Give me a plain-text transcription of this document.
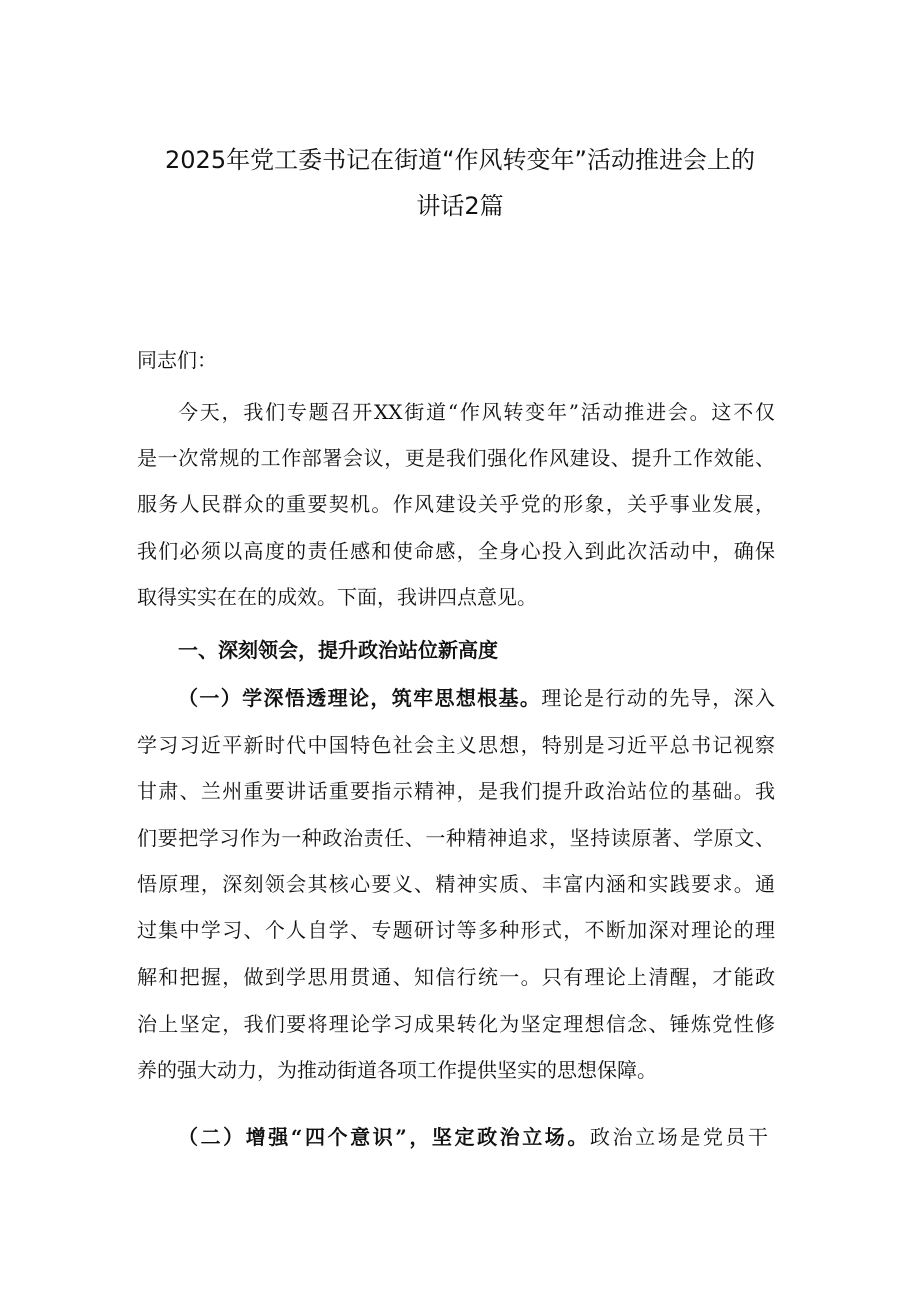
2025年党工委书记在街道“作风转变年”活动推进会上的
讲话2篇
同志们：
今天，我们专题召开XX街道“作风转变年”活动推进会。这不仅
是一次常规的工作部署会议，更是我们强化作风建设、提升工作效能、
服务人民群众的重要契机。作风建设关乎党的形象，关乎事业发展，
我们必须以高度的责任感和使命感，全身心投入到此次活动中，确保
取得实实在在的成效。下面，我讲四点意见。
一、深刻领会，提升政治站位新高度
（一）学深悟透理论，筑牢思想根基。理论是行动的先导，深入
学习习近平新时代中国特色社会主义思想，特别是习近平总书记视察
甘肃、兰州重要讲话重要指示精神，是我们提升政治站位的基础。我
们要把学习作为一种政治责任、一种精神追求，坚持读原著、学原文、
悟原理，深刻领会其核心要义、精神实质、丰富内涵和实践要求。通
过集中学习、个人自学、专题研讨等多种形式，不断加深对理论的理
解和把握，做到学思用贯通、知信行统一。只有理论上清醒，才能政
治上坚定，我们要将理论学习成果转化为坚定理想信念、锤炼党性修
养的强大动力，为推动街道各项工作提供坚实的思想保障。
（二）增强“四个意识”，坚定政治立场。政治立场是党员干
